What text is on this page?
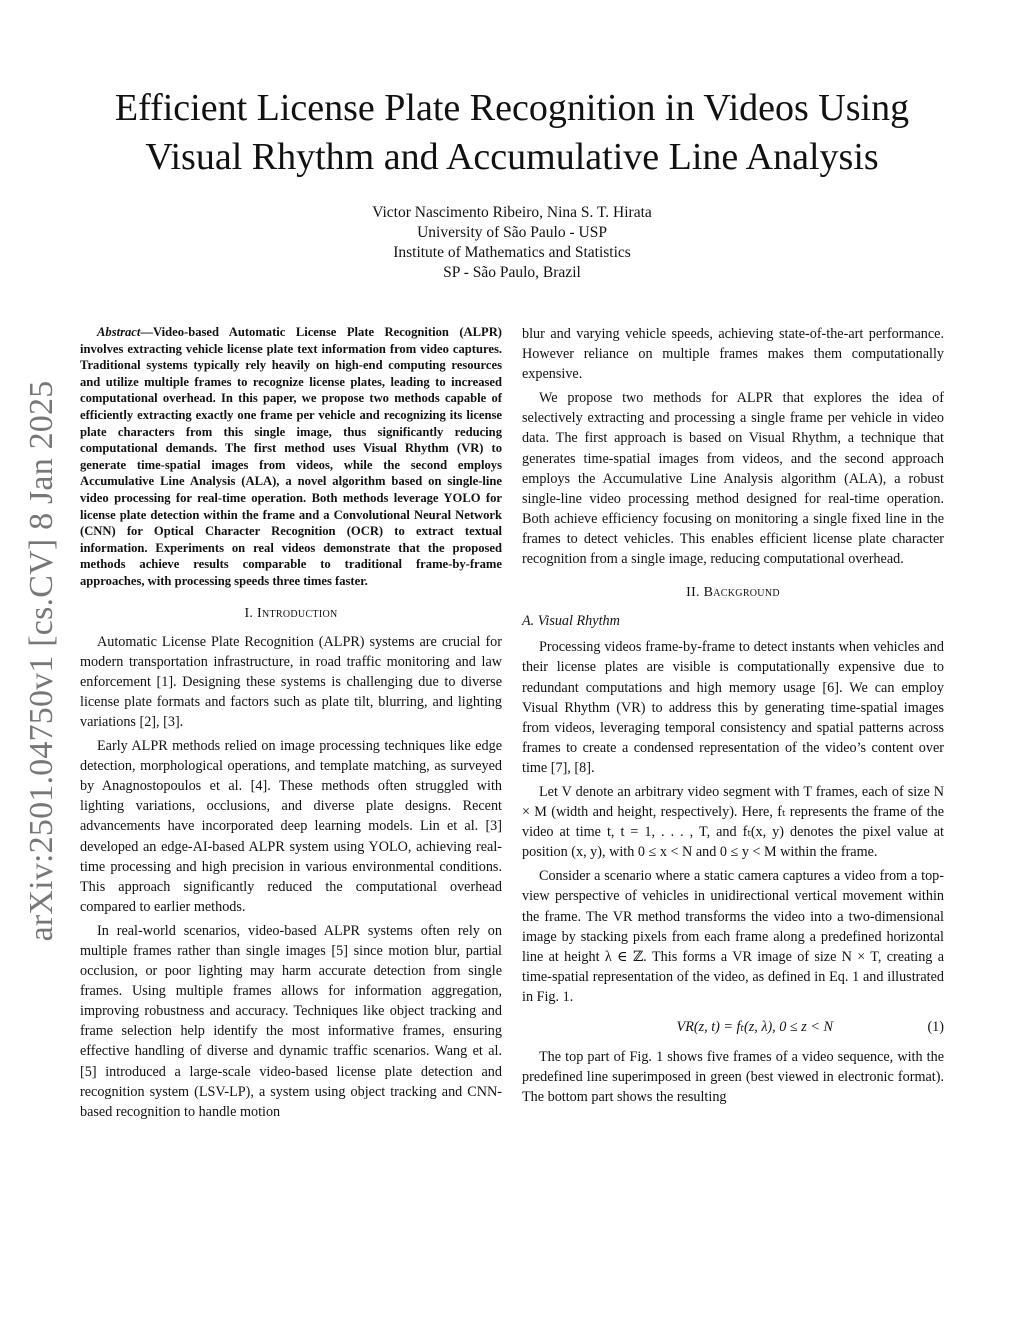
arXiv:2501.04750v1 [cs.CV] 8 Jan 2025
Efficient License Plate Recognition in Videos Using
Visual Rhythm and Accumulative Line Analysis
Victor Nascimento Ribeiro, Nina S. T. Hirata
University of São Paulo - USP
Institute of Mathematics and Statistics
SP - São Paulo, Brazil

Abstract—Video-based Automatic License Plate Recognition (ALPR) involves extracting vehicle license plate text information from video captures. Traditional systems typically rely heavily on high-end computing resources and utilize multiple frames to recognize license plates, leading to increased computational overhead. In this paper, we propose two methods capable of efficiently extracting exactly one frame per vehicle and recognizing its license plate characters from this single image, thus significantly reducing computational demands. The first method uses Visual Rhythm (VR) to generate time-spatial images from videos, while the second employs Accumulative Line Analysis (ALA), a novel algorithm based on single-line video processing for real-time operation. Both methods leverage YOLO for license plate detection within the frame and a Convolutional Neural Network (CNN) for Optical Character Recognition (OCR) to extract textual information. Experiments on real videos demonstrate that the proposed methods achieve results comparable to traditional frame-by-frame approaches, with processing speeds three times faster.

I. Introduction

Automatic License Plate Recognition (ALPR) systems are crucial for modern transportation infrastructure, in road traffic monitoring and law enforcement [1]. Designing these systems is challenging due to diverse license plate formats and factors such as plate tilt, blurring, and lighting variations [2], [3].

Early ALPR methods relied on image processing techniques like edge detection, morphological operations, and template matching, as surveyed by Anagnostopoulos et al. [4]. These methods often struggled with lighting variations, occlusions, and diverse plate designs. Recent advancements have incorporated deep learning models. Lin et al. [3] developed an edge-AI-based ALPR system using YOLO, achieving real-time processing and high precision in various environmental conditions. This approach significantly reduced the computational overhead compared to earlier methods.

In real-world scenarios, video-based ALPR systems often rely on multiple frames rather than single images [5] since motion blur, partial occlusion, or poor lighting may harm accurate detection from single frames. Using multiple frames allows for information aggregation, improving robustness and accuracy. Techniques like object tracking and frame selection help identify the most informative frames, ensuring effective handling of diverse and dynamic traffic scenarios. Wang et al. [5] introduced a large-scale video-based license plate detection and recognition system (LSV-LP), a system using object tracking and CNN-based recognition to handle motion

blur and varying vehicle speeds, achieving state-of-the-art performance. However reliance on multiple frames makes them computationally expensive.

We propose two methods for ALPR that explores the idea of selectively extracting and processing a single frame per vehicle in video data. The first approach is based on Visual Rhythm, a technique that generates time-spatial images from videos, and the second approach employs the Accumulative Line Analysis algorithm (ALA), a robust single-line video processing method designed for real-time operation. Both achieve efficiency focusing on monitoring a single fixed line in the frames to detect vehicles. This enables efficient license plate character recognition from a single image, reducing computational overhead.

II. Background
A. Visual Rhythm

Processing videos frame-by-frame to detect instants when vehicles and their license plates are visible is computationally expensive due to redundant computations and high memory usage [6]. We can employ Visual Rhythm (VR) to address this by generating time-spatial images from videos, leveraging temporal consistency and spatial patterns across frames to create a condensed representation of the video’s content over time [7], [8].

Let V denote an arbitrary video segment with T frames, each of size N × M (width and height, respectively). Here, fₜ represents the frame of the video at time t, t = 1, . . . , T, and fₜ(x, y) denotes the pixel value at position (x, y), with 0 ≤ x < N and 0 ≤ y < M within the frame.

Consider a scenario where a static camera captures a video from a top-view perspective of vehicles in unidirectional vertical movement within the frame. The VR method transforms the video into a two-dimensional image by stacking pixels from each frame along a predefined horizontal line at height λ ∈ ℤ. This forms a VR image of size N × T, creating a time-spatial representation of the video, as defined in Eq. 1 and illustrated in Fig. 1.

VR(z, t) = fₜ(z, λ), 0 ≤ z < N	(1)

The top part of Fig. 1 shows five frames of a video sequence, with the predefined line superimposed in green (best viewed in electronic format). The bottom part shows the resulting
